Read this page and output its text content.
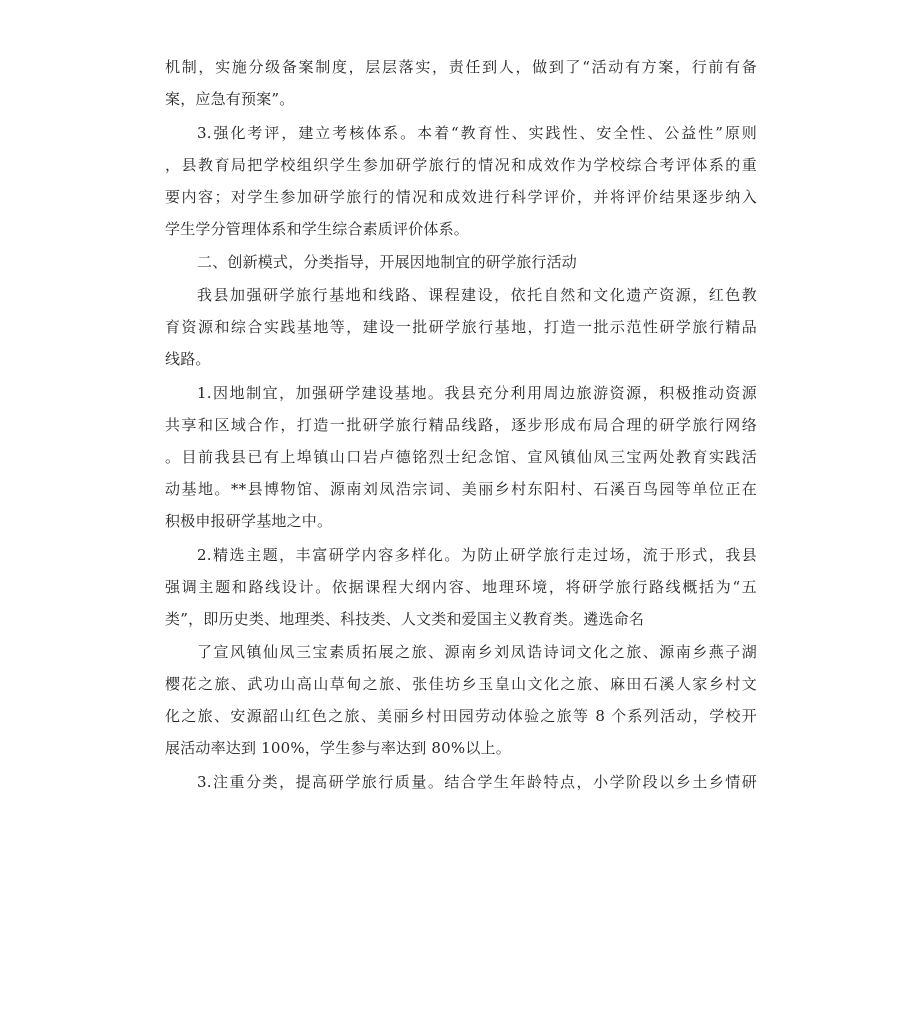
机制，实施分级备案制度，层层落实，责任到人，做到了“活动有方案，行前有备
案，应急有预案”。
3.强化考评，建立考核体系。本着“教育性、实践性、安全性、公益性”原则
，县教育局把学校组织学生参加研学旅行的情况和成效作为学校综合考评体系的重
要内容；对学生参加研学旅行的情况和成效进行科学评价，并将评价结果逐步纳入
学生学分管理体系和学生综合素质评价体系。
二、创新模式，分类指导，开展因地制宜的研学旅行活动
我县加强研学旅行基地和线路、课程建设，依托自然和文化遗产资源，红色教
育资源和综合实践基地等，建设一批研学旅行基地，打造一批示范性研学旅行精品
线路。
1.因地制宜，加强研学建设基地。我县充分利用周边旅游资源，积极推动资源
共享和区域合作，打造一批研学旅行精品线路，逐步形成布局合理的研学旅行网络
。目前我县已有上埠镇山口岩卢德铭烈士纪念馆、宣风镇仙凤三宝两处教育实践活
动基地。**县博物馆、源南刘凤浩宗词、美丽乡村东阳村、石溪百鸟园等单位正在
积极申报研学基地之中。
2.精选主题，丰富研学内容多样化。为防止研学旅行走过场，流于形式，我县
强调主题和路线设计。依据课程大纲内容、地理环境，将研学旅行路线概括为“五
类”，即历史类、地理类、科技类、人文类和爱国主义教育类。遴选命名
了宣风镇仙凤三宝素质拓展之旅、源南乡刘凤诰诗词文化之旅、源南乡燕子湖
樱花之旅、武功山高山草甸之旅、张佳坊乡玉皇山文化之旅、麻田石溪人家乡村文
化之旅、安源韶山红色之旅、美丽乡村田园劳动体验之旅等 8 个系列活动，学校开
展活动率达到 100%，学生参与率达到 80%以上。
3.注重分类，提高研学旅行质量。结合学生年龄特点，小学阶段以乡土乡情研
